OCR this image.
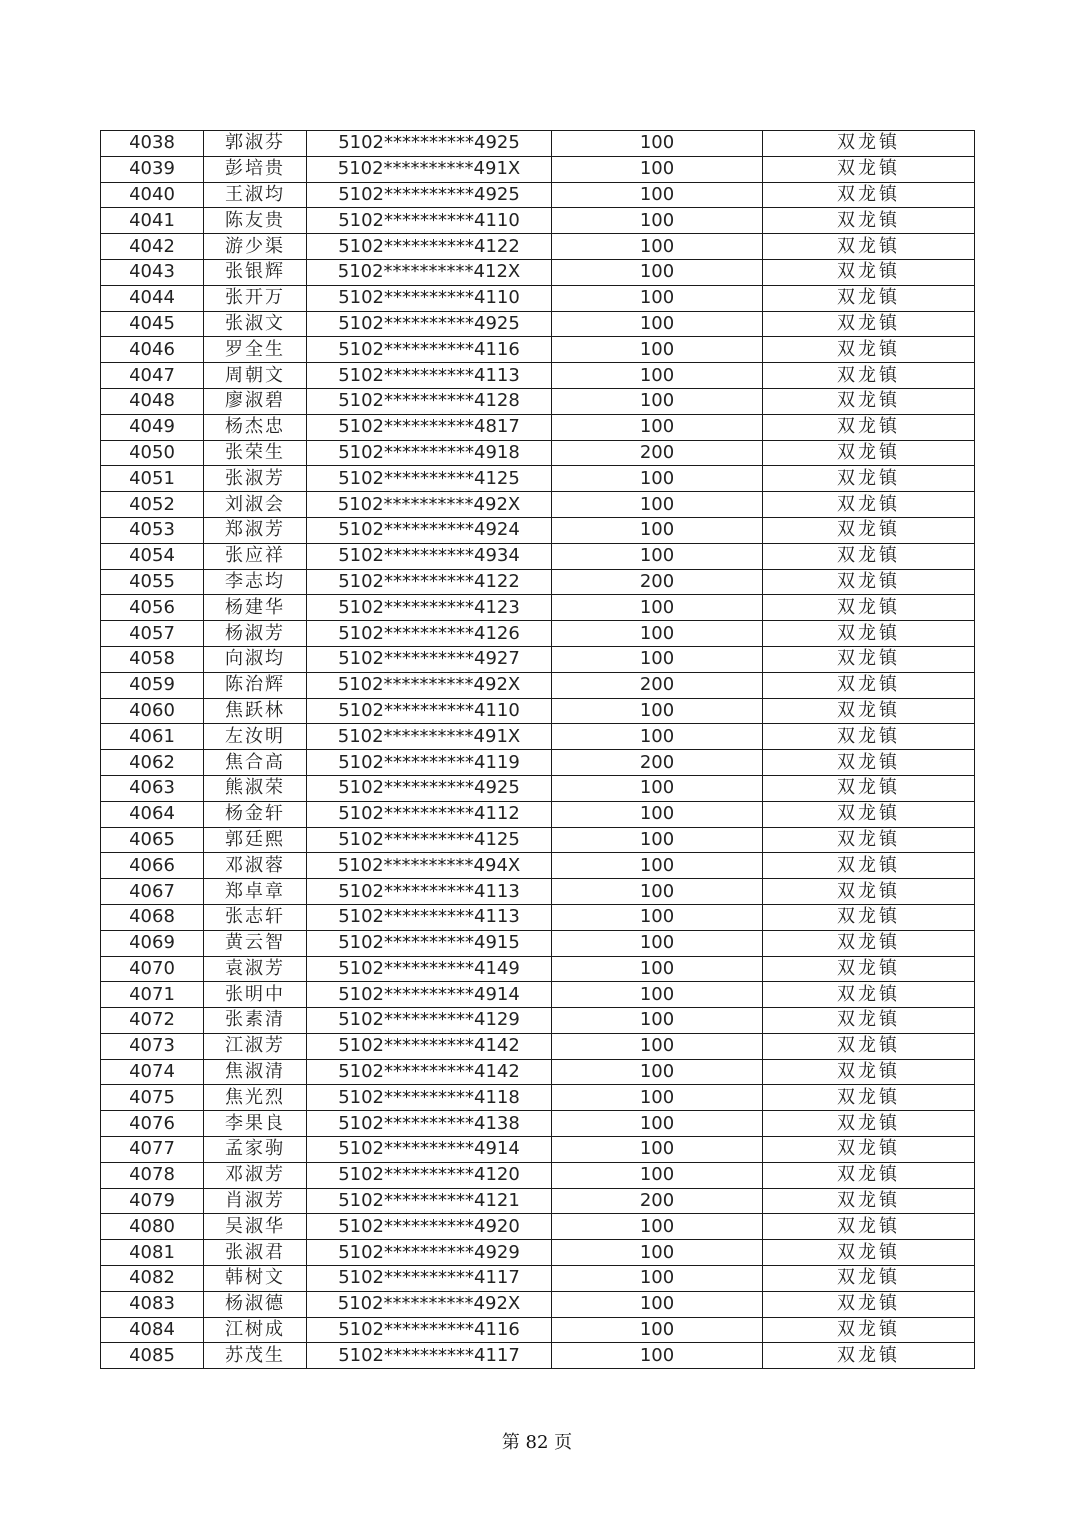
4038	郭淑芬	5102**********4925	100	双龙镇
4039	彭培贵	5102**********491X	100	双龙镇
4040	王淑均	5102**********4925	100	双龙镇
4041	陈友贵	5102**********4110	100	双龙镇
4042	游少渠	5102**********4122	100	双龙镇
4043	张银辉	5102**********412X	100	双龙镇
4044	张开万	5102**********4110	100	双龙镇
4045	张淑文	5102**********4925	100	双龙镇
4046	罗全生	5102**********4116	100	双龙镇
4047	周朝文	5102**********4113	100	双龙镇
4048	廖淑碧	5102**********4128	100	双龙镇
4049	杨杰忠	5102**********4817	100	双龙镇
4050	张荣生	5102**********4918	200	双龙镇
4051	张淑芳	5102**********4125	100	双龙镇
4052	刘淑会	5102**********492X	100	双龙镇
4053	郑淑芳	5102**********4924	100	双龙镇
4054	张应祥	5102**********4934	100	双龙镇
4055	李志均	5102**********4122	200	双龙镇
4056	杨建华	5102**********4123	100	双龙镇
4057	杨淑芳	5102**********4126	100	双龙镇
4058	向淑均	5102**********4927	100	双龙镇
4059	陈治辉	5102**********492X	200	双龙镇
4060	焦跃林	5102**********4110	100	双龙镇
4061	左汝明	5102**********491X	100	双龙镇
4062	焦合高	5102**********4119	200	双龙镇
4063	熊淑荣	5102**********4925	100	双龙镇
4064	杨金轩	5102**********4112	100	双龙镇
4065	郭廷熙	5102**********4125	100	双龙镇
4066	邓淑蓉	5102**********494X	100	双龙镇
4067	郑卓章	5102**********4113	100	双龙镇
4068	张志轩	5102**********4113	100	双龙镇
4069	黄云智	5102**********4915	100	双龙镇
4070	袁淑芳	5102**********4149	100	双龙镇
4071	张明中	5102**********4914	100	双龙镇
4072	张素清	5102**********4129	100	双龙镇
4073	江淑芳	5102**********4142	100	双龙镇
4074	焦淑清	5102**********4142	100	双龙镇
4075	焦光烈	5102**********4118	100	双龙镇
4076	李果良	5102**********4138	100	双龙镇
4077	孟家驹	5102**********4914	100	双龙镇
4078	邓淑芳	5102**********4120	100	双龙镇
4079	肖淑芳	5102**********4121	200	双龙镇
4080	吴淑华	5102**********4920	100	双龙镇
4081	张淑君	5102**********4929	100	双龙镇
4082	韩树文	5102**********4117	100	双龙镇
4083	杨淑德	5102**********492X	100	双龙镇
4084	江树成	5102**********4116	100	双龙镇
4085	苏茂生	5102**********4117	100	双龙镇
第 82 页
